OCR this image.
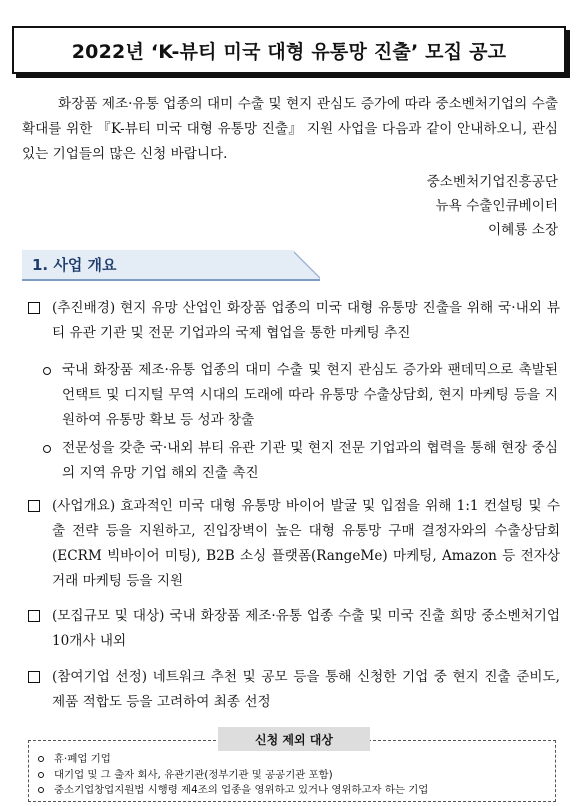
2022년 ‘K-뷰티 미국 대형 유통망 진출’ 모집 공고

화장품 제조·유통 업종의 대미 수출 및 현지 관심도 증가에 따라 중소벤처기업의 수출 확대를 위한 『K-뷰티 미국 대형 유통망 진출』 지원 사업을 다음과 같이 안내하오니, 관심 있는 기업들의 많은 신청 바랍니다.

중소벤처기업진흥공단
뉴욕 수출인큐베이터
이혜룡 소장
1. 사업 개요

(추진배경) 현지 유망 산업인 화장품 업종의 미국 대형 유통망 진출을 위해 국·내외 뷰티 유관 기관 및 전문 기업과의 국제 협업을 통한 마케팅 추진

국내 화장품 제조·유통 업종의 대미 수출 및 현지 관심도 증가와 팬데믹으로 촉발된 언택트 및 디지털 무역 시대의 도래에 따라 유통망 수출상담회, 현지 마케팅 등을 지원하여 유통망 확보 등 성과 창출

전문성을 갖춘 국·내외 뷰티 유관 기관 및 현지 전문 기업과의 협력을 통해 현장 중심의 지역 유망 기업 해외 진출 촉진

(사업개요) 효과적인 미국 대형 유통망 바이어 발굴 및 입점을 위해 1:1 컨설팅 및 수출 전략 등을 지원하고, 진입장벽이 높은 대형 유통망 구매 결정자와의 수출상담회(ECRM 빅바이어 미팅), B2B 소싱 플랫폼(RangeMe) 마케팅, Amazon 등 전자상거래 마케팅 등을 지원

(모집규모 및 대상) 국내 화장품 제조·유통 업종 수출 및 미국 진출 희망 중소벤처기업 10개사 내외

(참여기업 선정) 네트워크 추천 및 공모 등을 통해 신청한 기업 중 현지 진출 준비도, 제품 적합도 등을 고려하여 최종 선정

신청 제외 대상
휴·폐업 기업
대기업 및 그 출자 회사, 유관기관(정부기관 및 공공기관 포함)
중소기업창업지원법 시행령 제4조의 업종을 영위하고 있거나 영위하고자 하는 기업
